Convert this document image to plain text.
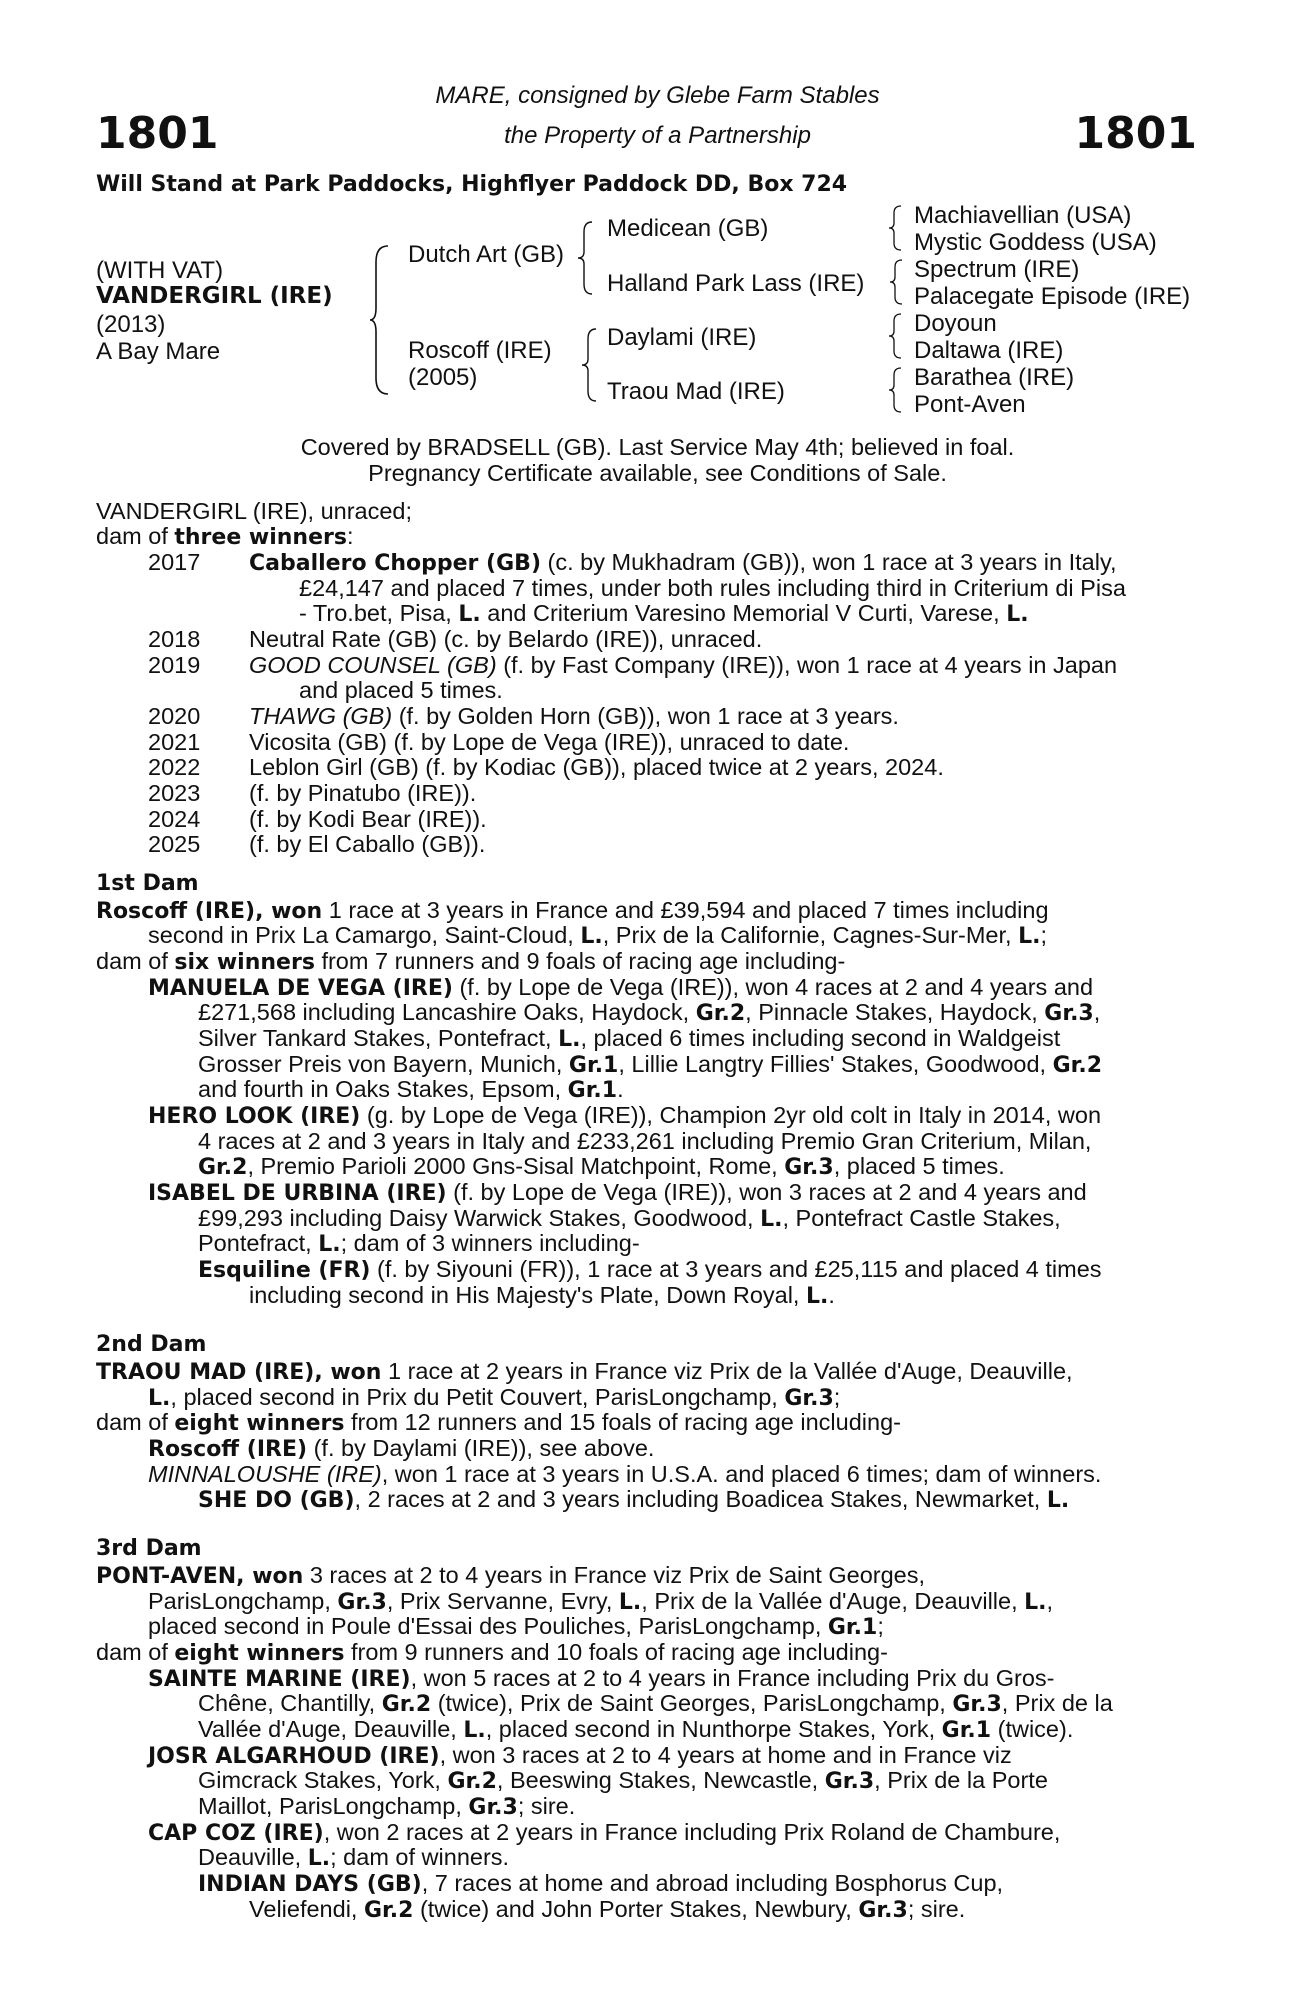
1801	1801
MARE, consigned by Glebe Farm Stables
the Property of a Partnership
Will Stand at Park Paddocks, Highflyer Paddock DD, Box 724
(WITH VAT)
VANDERGIRL (IRE)
(2013)
A Bay Mare
Dutch Art (GB)
Roscoff (IRE)
(2005)
Medicean (GB)
Halland Park Lass (IRE)
Daylami (IRE)
Traou Mad (IRE)
Machiavellian (USA)
Mystic Goddess (USA)
Spectrum (IRE)
Palacegate Episode (IRE)
Doyoun
Daltawa (IRE)
Barathea (IRE)
Pont-Aven
Covered by BRADSELL (GB). Last Service May 4th; believed in foal.
Pregnancy Certificate available, see Conditions of Sale.
VANDERGIRL (IRE), unraced;
dam of three winners:
2017 Caballero Chopper (GB) (c. by Mukhadram (GB)), won 1 race at 3 years in Italy,
£24,147 and placed 7 times, under both rules including third in Criterium di Pisa
- Tro.bet, Pisa, L. and Criterium Varesino Memorial V Curti, Varese, L.
2018 Neutral Rate (GB) (c. by Belardo (IRE)), unraced.
2019 GOOD COUNSEL (GB) (f. by Fast Company (IRE)), won 1 race at 4 years in Japan
and placed 5 times.
2020 THAWG (GB) (f. by Golden Horn (GB)), won 1 race at 3 years.
2021 Vicosita (GB) (f. by Lope de Vega (IRE)), unraced to date.
2022 Leblon Girl (GB) (f. by Kodiac (GB)), placed twice at 2 years, 2024.
2023 (f. by Pinatubo (IRE)).
2024 (f. by Kodi Bear (IRE)).
2025 (f. by El Caballo (GB)).
1st Dam
Roscoff (IRE), won 1 race at 3 years in France and £39,594 and placed 7 times including
second in Prix La Camargo, Saint-Cloud, L., Prix de la Californie, Cagnes-Sur-Mer, L.;
dam of six winners from 7 runners and 9 foals of racing age including-
MANUELA DE VEGA (IRE) (f. by Lope de Vega (IRE)), won 4 races at 2 and 4 years and
£271,568 including Lancashire Oaks, Haydock, Gr.2, Pinnacle Stakes, Haydock, Gr.3,
Silver Tankard Stakes, Pontefract, L., placed 6 times including second in Waldgeist
Grosser Preis von Bayern, Munich, Gr.1, Lillie Langtry Fillies' Stakes, Goodwood, Gr.2
and fourth in Oaks Stakes, Epsom, Gr.1.
HERO LOOK (IRE) (g. by Lope de Vega (IRE)), Champion 2yr old colt in Italy in 2014, won
4 races at 2 and 3 years in Italy and £233,261 including Premio Gran Criterium, Milan,
Gr.2, Premio Parioli 2000 Gns-Sisal Matchpoint, Rome, Gr.3, placed 5 times.
ISABEL DE URBINA (IRE) (f. by Lope de Vega (IRE)), won 3 races at 2 and 4 years and
£99,293 including Daisy Warwick Stakes, Goodwood, L., Pontefract Castle Stakes,
Pontefract, L.; dam of 3 winners including-
Esquiline (FR) (f. by Siyouni (FR)), 1 race at 3 years and £25,115 and placed 4 times
including second in His Majesty's Plate, Down Royal, L..
2nd Dam
TRAOU MAD (IRE), won 1 race at 2 years in France viz Prix de la Vallée d'Auge, Deauville,
L., placed second in Prix du Petit Couvert, ParisLongchamp, Gr.3;
dam of eight winners from 12 runners and 15 foals of racing age including-
Roscoff (IRE) (f. by Daylami (IRE)), see above.
MINNALOUSHE (IRE), won 1 race at 3 years in U.S.A. and placed 6 times; dam of winners.
SHE DO (GB), 2 races at 2 and 3 years including Boadicea Stakes, Newmarket, L.
3rd Dam
PONT-AVEN, won 3 races at 2 to 4 years in France viz Prix de Saint Georges,
ParisLongchamp, Gr.3, Prix Servanne, Evry, L., Prix de la Vallée d'Auge, Deauville, L.,
placed second in Poule d'Essai des Pouliches, ParisLongchamp, Gr.1;
dam of eight winners from 9 runners and 10 foals of racing age including-
SAINTE MARINE (IRE), won 5 races at 2 to 4 years in France including Prix du Gros-
Chêne, Chantilly, Gr.2 (twice), Prix de Saint Georges, ParisLongchamp, Gr.3, Prix de la
Vallée d'Auge, Deauville, L., placed second in Nunthorpe Stakes, York, Gr.1 (twice).
JOSR ALGARHOUD (IRE), won 3 races at 2 to 4 years at home and in France viz
Gimcrack Stakes, York, Gr.2, Beeswing Stakes, Newcastle, Gr.3, Prix de la Porte
Maillot, ParisLongchamp, Gr.3; sire.
CAP COZ (IRE), won 2 races at 2 years in France including Prix Roland de Chambure,
Deauville, L.; dam of winners.
INDIAN DAYS (GB), 7 races at home and abroad including Bosphorus Cup,
Veliefendi, Gr.2 (twice) and John Porter Stakes, Newbury, Gr.3; sire.
